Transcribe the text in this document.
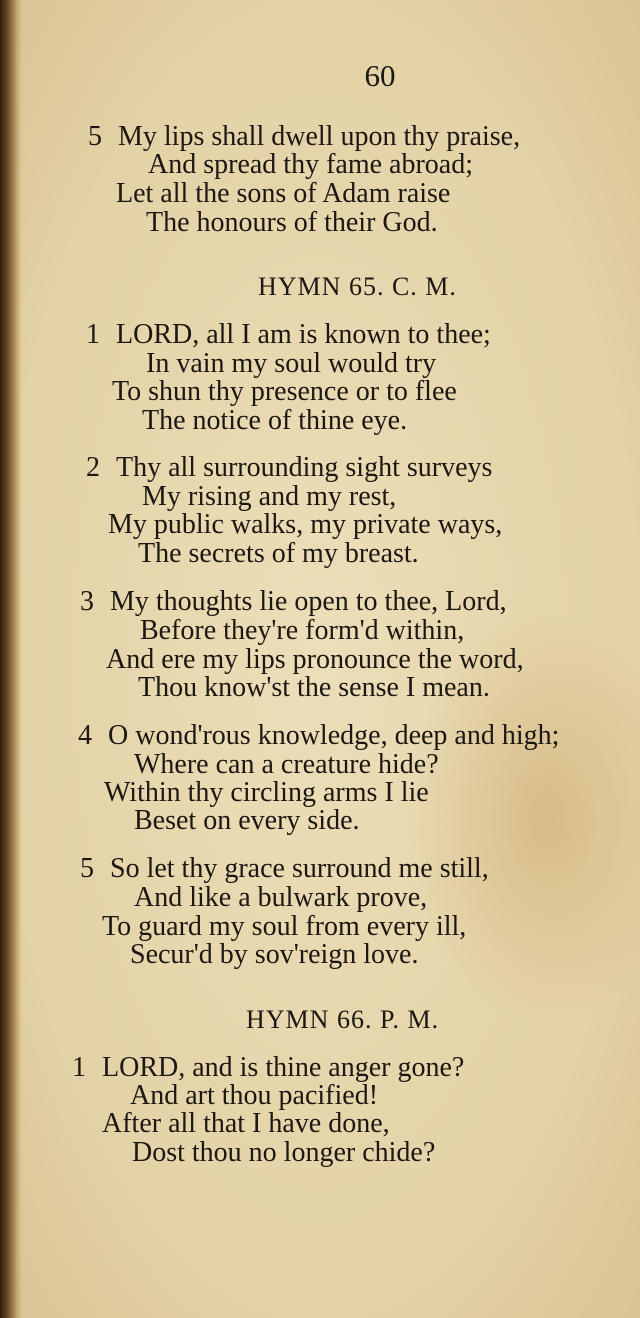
60
5 My lips shall dwell upon thy praise,
And spread thy fame abroad;
Let all the sons of Adam raise
The honours of their God.
HYMN 65. C. M.
1 LORD, all I am is known to thee;
In vain my soul would try
To shun thy presence or to flee
The notice of thine eye.
2 Thy all surrounding sight surveys
My rising and my rest,
My public walks, my private ways,
The secrets of my breast.
3 My thoughts lie open to thee, Lord,
Before they're form'd within,
And ere my lips pronounce the word,
Thou know'st the sense I mean.
4 O wond'rous knowledge, deep and high;
Where can a creature hide?
Within thy circling arms I lie
Beset on every side.
5 So let thy grace surround me still,
And like a bulwark prove,
To guard my soul from every ill,
Secur'd by sov'reign love.
HYMN 66. P. M.
1 LORD, and is thine anger gone?
And art thou pacified!
After all that I have done,
Dost thou no longer chide?
